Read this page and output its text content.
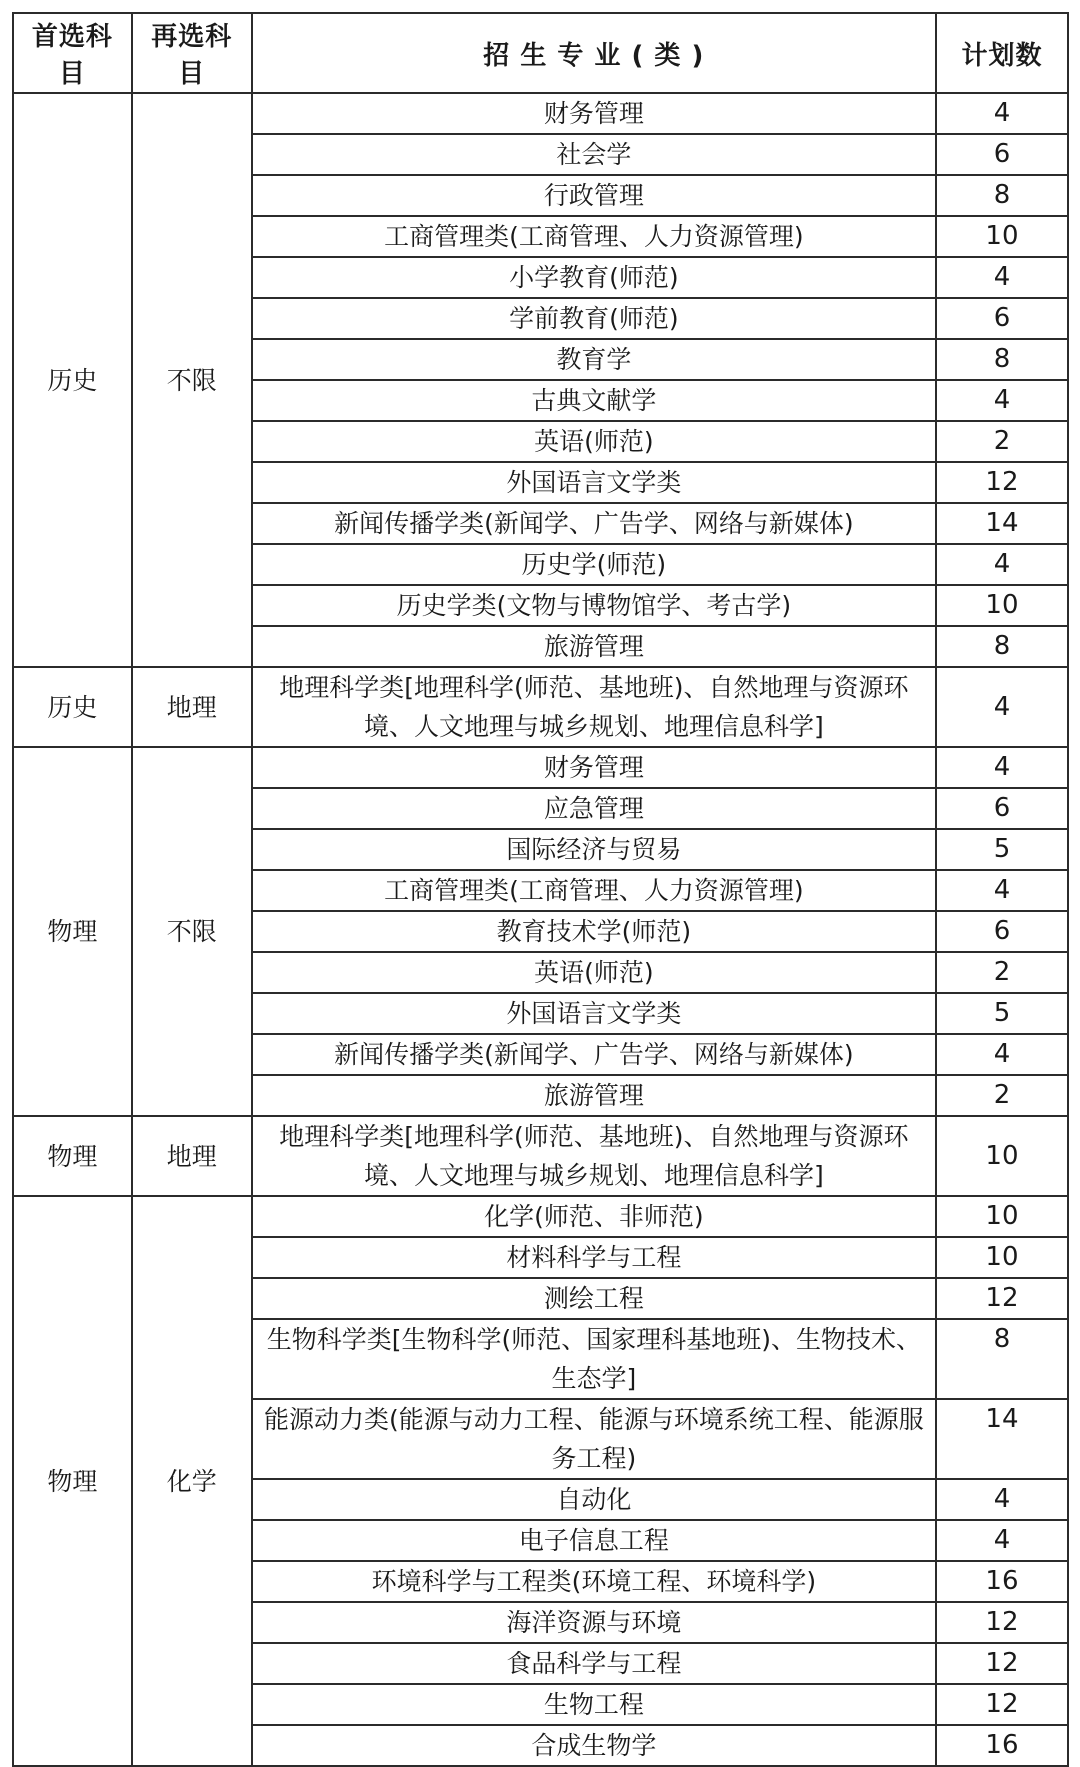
首选科目	再选科目	招 生 专 业 ( 类 )	计划数
历史	不限	财务管理	4
		社会学	6
		行政管理	8
		工商管理类(工商管理、人力资源管理)	10
		小学教育(师范)	4
		学前教育(师范)	6
		教育学	8
		古典文献学	4
		英语(师范)	2
		外国语言文学类	12
		新闻传播学类(新闻学、广告学、网络与新媒体)	14
		历史学(师范)	4
		历史学类(文物与博物馆学、考古学)	10
		旅游管理	8
历史	地理	地理科学类[地理科学(师范、基地班)、自然地理与资源环境、人文地理与城乡规划、地理信息科学]	4
物理	不限	财务管理	4
		应急管理	6
		国际经济与贸易	5
		工商管理类(工商管理、人力资源管理)	4
		教育技术学(师范)	6
		英语(师范)	2
		外国语言文学类	5
		新闻传播学类(新闻学、广告学、网络与新媒体)	4
		旅游管理	2
物理	地理	地理科学类[地理科学(师范、基地班)、自然地理与资源环境、人文地理与城乡规划、地理信息科学]	10
物理	化学	化学(师范、非师范)	10
		材料科学与工程	10
		测绘工程	12
		生物科学类[生物科学(师范、国家理科基地班)、生物技术、生态学]	8
		能源动力类(能源与动力工程、能源与环境系统工程、能源服务工程)	14
		自动化	4
		电子信息工程	4
		环境科学与工程类(环境工程、环境科学)	16
		海洋资源与环境	12
		食品科学与工程	12
		生物工程	12
		合成生物学	16
